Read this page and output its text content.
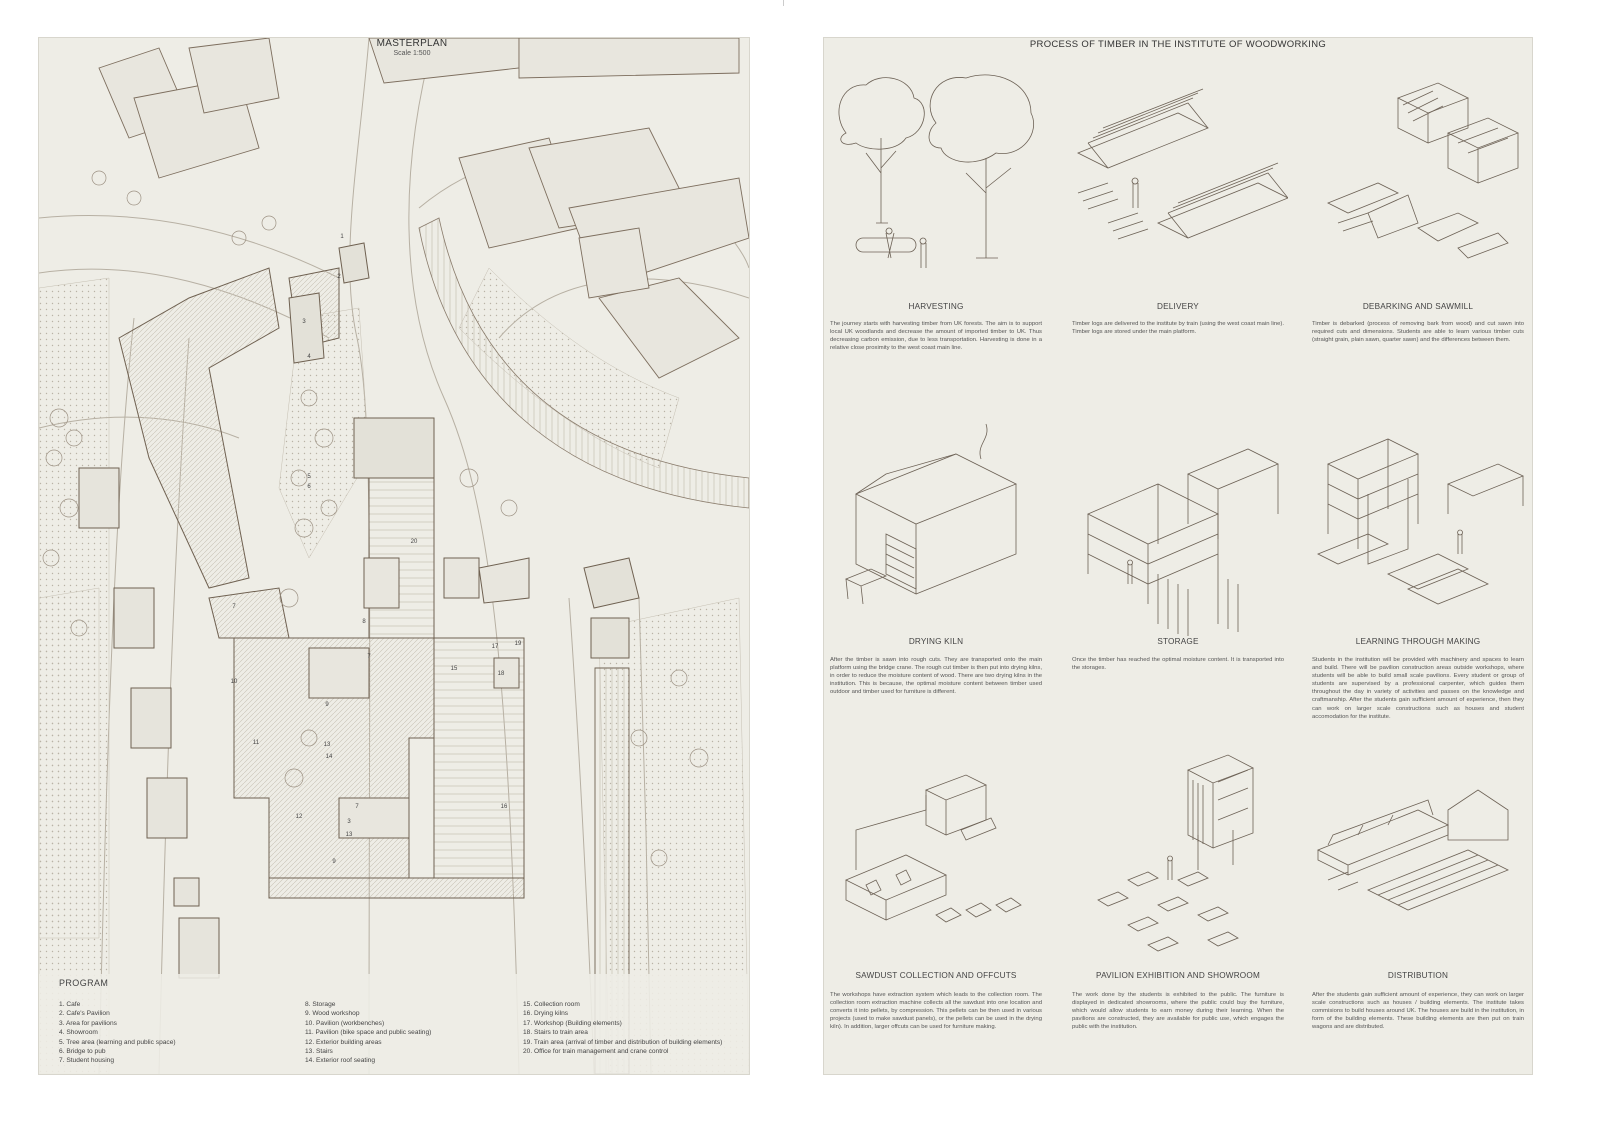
1
2
3
4
5
7
7
7
8
9
9
10
11
12
13
14
15
16
17
18
19
20
6
3
13
MASTERPLAN
Scale 1:500
PROGRAM
1. Cafe
2. Cafe's Pavilion
3. Area for pavilions
4. Showroom
5. Tree area (learning and public space)
6. Bridge to pub
7. Student housing
8. Storage
9. Wood workshop
10. Pavilion (workbenches)
11. Pavilion (bike space and public seating)
12. Exterior building areas
13. Stairs
14. Exterior roof seating
15. Collection room
16. Drying kilns
17. Workshop (Building elements)
18. Stairs to train area
19. Train area (arrival of timber and distribution of building elements)
20. Office for train management and crane control
PROCESS OF TIMBER IN THE INSTITUTE OF WOODWORKING
HARVESTING
The journey starts with harvesting timber from UK forests. The aim is to support local UK woodlands and decrease the amount of imported timber to UK. Thus decreasing carbon emission, due to less transportation. Harvesting is done in a relative close proximity to the west coast main line.
DELIVERY
Timber logs are delivered to the institute by train (using the west coast main line). Timber logs are stored under the main platform.
DEBARKING AND SAWMILL
Timber is debarked (process of removing bark from wood) and cut sawn into required cuts and dimensions. Students are able to learn various timber cuts (straight grain, plain sawn, quarter sawn) and the differences between them.
DRYING KILN
After the timber is sawn into rough cuts. They are transported onto the main platform using the bridge crane. The rough cut timber is then put into drying kilns, in order to reduce the moisture content of wood. There are two drying kilns in the institution. This is because, the optimal moisture content between timber used outdoor and timber used for furniture is different.
STORAGE
Once the timber has reached the optimal moisture content. It is transported into the storages.
LEARNING THROUGH MAKING
Students in the institution will be provided with machinery and spaces to learn and build. There will be pavilion construction areas outside workshops, where students will be able to build small scale pavilions. Every student or group of students are supervised by a professional carpenter, which guides them throughout the day in variety of activities and passes on the knowledge and craftmanship. After the students gain sufficient amount of experience, then they can work on larger scale constructions such as houses and student accomodation for the institute.
SAWDUST COLLECTION AND OFFCUTS
The workshops have extraction system which leads to the collection room. The collection room extraction machine collects all the sawdust into one location and converts it into pellets, by compression. This pellets can be then used in various projects (used to make sawdust panels), or the pellets can be used in the drying kiln). In addition, larger offcuts can be used for furniture making.
PAVILION EXHIBITION AND SHOWROOM
The work done by the students is exhibited to the public. The furniture is displayed in dedicated showrooms, where the public could buy the furniture, which would allow students to earn money during their learning. When the pavilions are constructed, they are available for public use, which engages the public with the institution.
DISTRIBUTION
After the students gain sufficient amount of experience, they can work on larger scale constructions such as houses / building elements. The institute takes commisions to build houses around UK. The houses are build in the institution, in form of the building elements. These building elements are then put on train wagons and are distributed.
